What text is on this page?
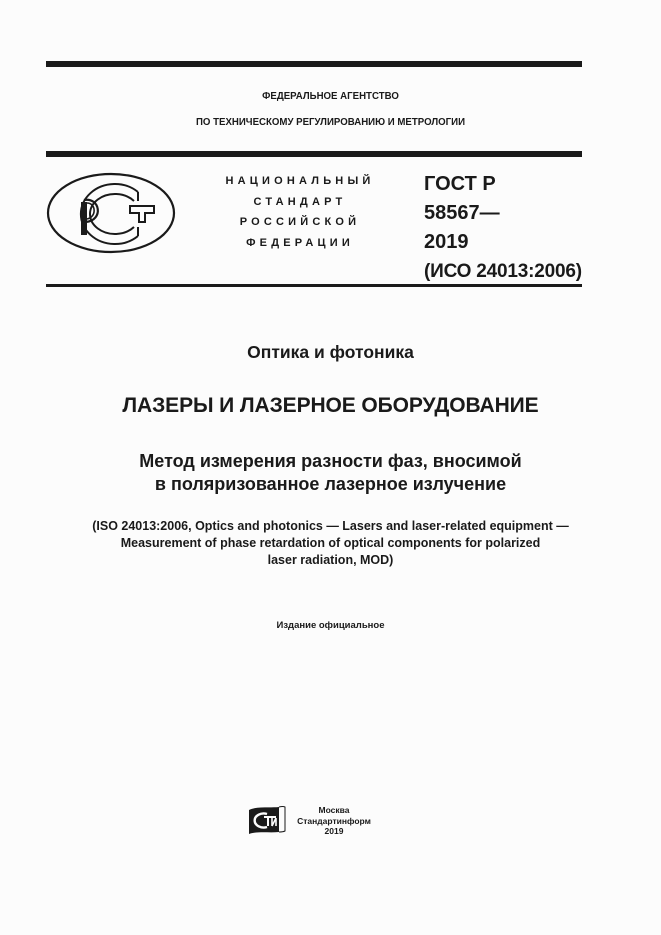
ФЕДЕРАЛЬНОЕ АГЕНТСТВО
ПО ТЕХНИЧЕСКОМУ РЕГУЛИРОВАНИЮ И МЕТРОЛОГИИ
НАЦИОНАЛЬНЫЙ
СТАНДАРТ
РОССИЙСКОЙ
ФЕДЕРАЦИИ
ГОСТ Р
58567—
2019
(ИСО 24013:2006)
Оптика и фотоника
ЛАЗЕРЫ И ЛАЗЕРНОЕ ОБОРУДОВАНИЕ
Метод измерения разности фаз, вносимой
в поляризованное лазерное излучение
(ISO 24013:2006, Optics and photonics — Lasers and laser-related equipment —
Measurement of phase retardation of optical components for polarized
laser radiation, MOD)
Издание официальное
Москва
Стандартинформ
2019
